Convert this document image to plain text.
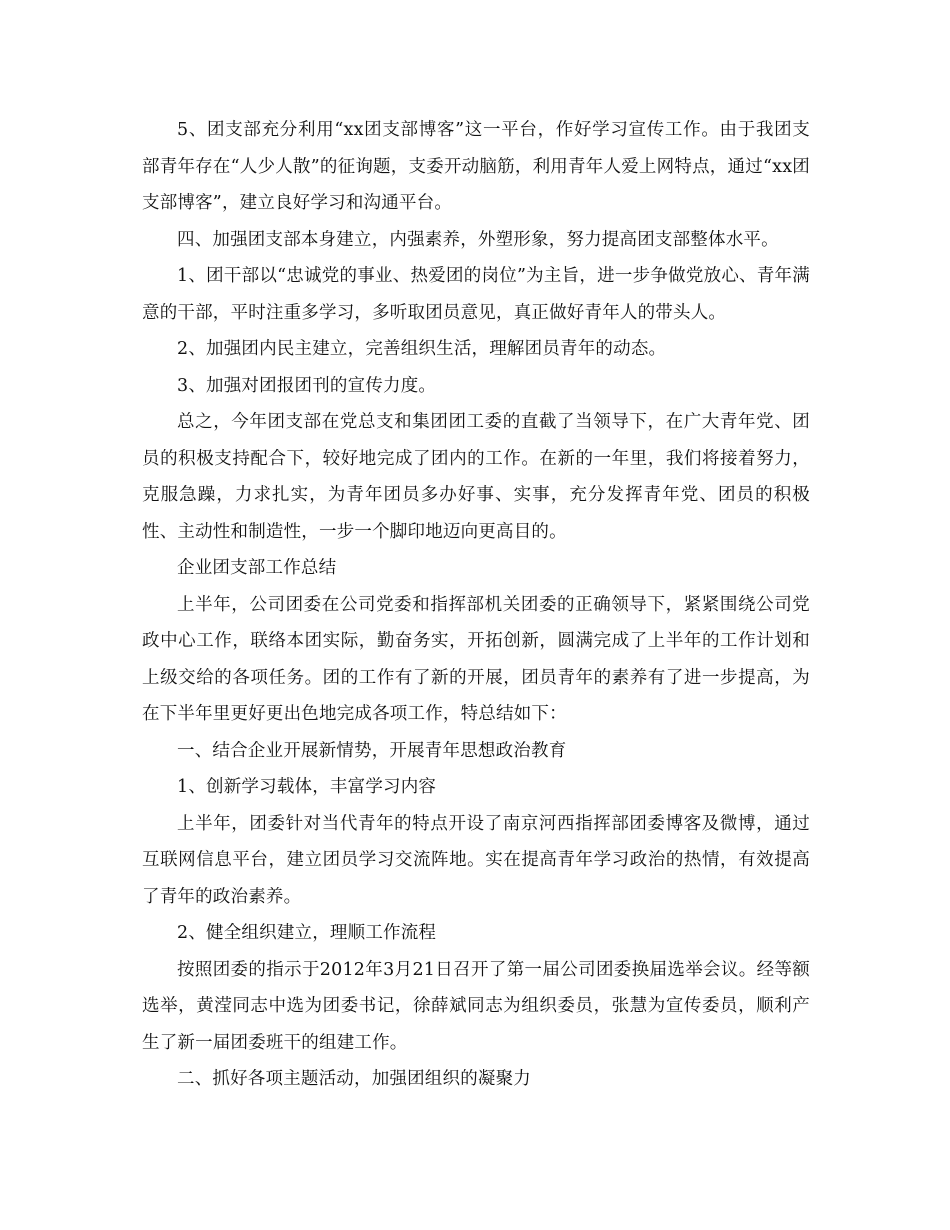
5、团支部充分利用“xx团支部博客”这一平台，作好学习宣传工作。由于我团支部青年存在“人少人散”的征询题，支委开动脑筋，利用青年人爱上网特点，通过“xx团支部博客”，建立良好学习和沟通平台。

四、加强团支部本身建立，内强素养，外塑形象，努力提高团支部整体水平。

1、团干部以“忠诚党的事业、热爱团的岗位”为主旨，进一步争做党放心、青年满意的干部，平时注重多学习，多听取团员意见，真正做好青年人的带头人。

2、加强团内民主建立，完善组织生活，理解团员青年的动态。

3、加强对团报团刊的宣传力度。

总之，今年团支部在党总支和集团团工委的直截了当领导下，在广大青年党、团员的积极支持配合下，较好地完成了团内的工作。在新的一年里，我们将接着努力，克服急躁，力求扎实，为青年团员多办好事、实事，充分发挥青年党、团员的积极性、主动性和制造性，一步一个脚印地迈向更高目的。

企业团支部工作总结

上半年，公司团委在公司党委和指挥部机关团委的正确领导下，紧紧围绕公司党政中心工作，联络本团实际，勤奋务实，开拓创新，圆满完成了上半年的工作计划和上级交给的各项任务。团的工作有了新的开展，团员青年的素养有了进一步提高，为在下半年里更好更出色地完成各项工作，特总结如下：

一、结合企业开展新情势，开展青年思想政治教育

1、创新学习载体，丰富学习内容

上半年，团委针对当代青年的特点开设了南京河西指挥部团委博客及微博，通过互联网信息平台，建立团员学习交流阵地。实在提高青年学习政治的热情，有效提高了青年的政治素养。

2、健全组织建立，理顺工作流程

按照团委的指示于2012年3月21日召开了第一届公司团委换届选举会议。经等额选举，黄滢同志中选为团委书记，徐薛斌同志为组织委员，张慧为宣传委员，顺利产生了新一届团委班干的组建工作。

二、抓好各项主题活动，加强团组织的凝聚力
